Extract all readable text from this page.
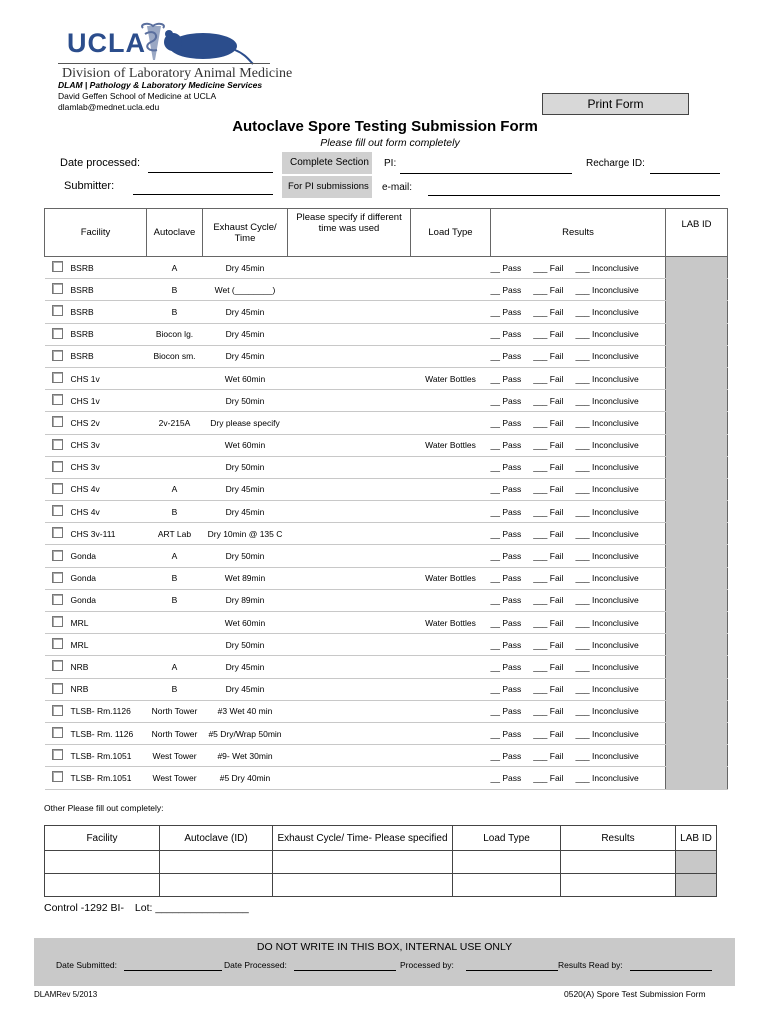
UCLA
Division of Laboratory Animal Medicine
DLAM | Pathology & Laboratory Medicine Services
David Geffen School of Medicine at UCLA
dlamlab@mednet.ucla.edu	Print Form
Autoclave Spore Testing Submission Form
Please fill out form completely
Date processed:
Submitter:
Complete Section
For PI submissions
PI:	Recharge ID:
e-mail:
Facility		Autoclave	Exhaust Cycle/ Time	Please specify if different time was used	Load Type	Results	LAB ID
	BSRB	A	Dry 45min			__ Pass ___ Fail ___ Inconclusive	
	BSRB	B	Wet (________)			__ Pass ___ Fail ___ Inconclusive	
	BSRB	B	Dry 45min			__ Pass ___ Fail ___ Inconclusive	
	BSRB	Biocon lg.	Dry 45min			__ Pass ___ Fail ___ Inconclusive	
	BSRB	Biocon sm.	Dry 45min			__ Pass ___ Fail ___ Inconclusive	
	CHS 1v		Wet 60min		Water Bottles	__ Pass ___ Fail ___ Inconclusive	
	CHS 1v		Dry 50min			__ Pass ___ Fail ___ Inconclusive	
	CHS 2v	2v-215A	Dry please specify			__ Pass ___ Fail ___ Inconclusive	
	CHS 3v		Wet 60min		Water Bottles	__ Pass ___ Fail ___ Inconclusive	
	CHS 3v		Dry 50min			__ Pass ___ Fail ___ Inconclusive	
	CHS 4v	A	Dry 45min			__ Pass ___ Fail ___ Inconclusive	
	CHS 4v	B	Dry 45min			__ Pass ___ Fail ___ Inconclusive	
	CHS 3v-111	ART Lab	Dry 10min @ 135 C			__ Pass ___ Fail ___ Inconclusive	
	Gonda	A	Dry 50min			__ Pass ___ Fail ___ Inconclusive	
	Gonda	B	Wet 89min		Water Bottles	__ Pass ___ Fail ___ Inconclusive	
	Gonda	B	Dry 89min			__ Pass ___ Fail ___ Inconclusive	
	MRL		Wet 60min		Water Bottles	__ Pass ___ Fail ___ Inconclusive	
	MRL		Dry 50min			__ Pass ___ Fail ___ Inconclusive	
	NRB	A	Dry 45min			__ Pass ___ Fail ___ Inconclusive	
	NRB	B	Dry 45min			__ Pass ___ Fail ___ Inconclusive	
	TLSB- Rm.1126	North Tower	#3 Wet 40 min			__ Pass ___ Fail ___ Inconclusive	
	TLSB- Rm. 1126	North Tower	#5 Dry/Wrap 50min			__ Pass ___ Fail ___ Inconclusive	
	TLSB- Rm.1051	West Tower	#9- Wet 30min			__ Pass ___ Fail ___ Inconclusive	
	TLSB- Rm.1051	West Tower	#5 Dry 40min			__ Pass ___ Fail ___ Inconclusive	
Other Please fill out completely:
Facility	Autoclave (ID)	Exhaust Cycle/ Time- Please specified	Load Type	Results	LAB ID

Control -1292 BI- Lot: ________________
DO NOT WRITE IN THIS BOX, INTERNAL USE ONLY
Date Submitted:	Date Processed:	Processed by:	Results Read by:
DLAMRev 5/2013	0520(A) Spore Test Submission Form
